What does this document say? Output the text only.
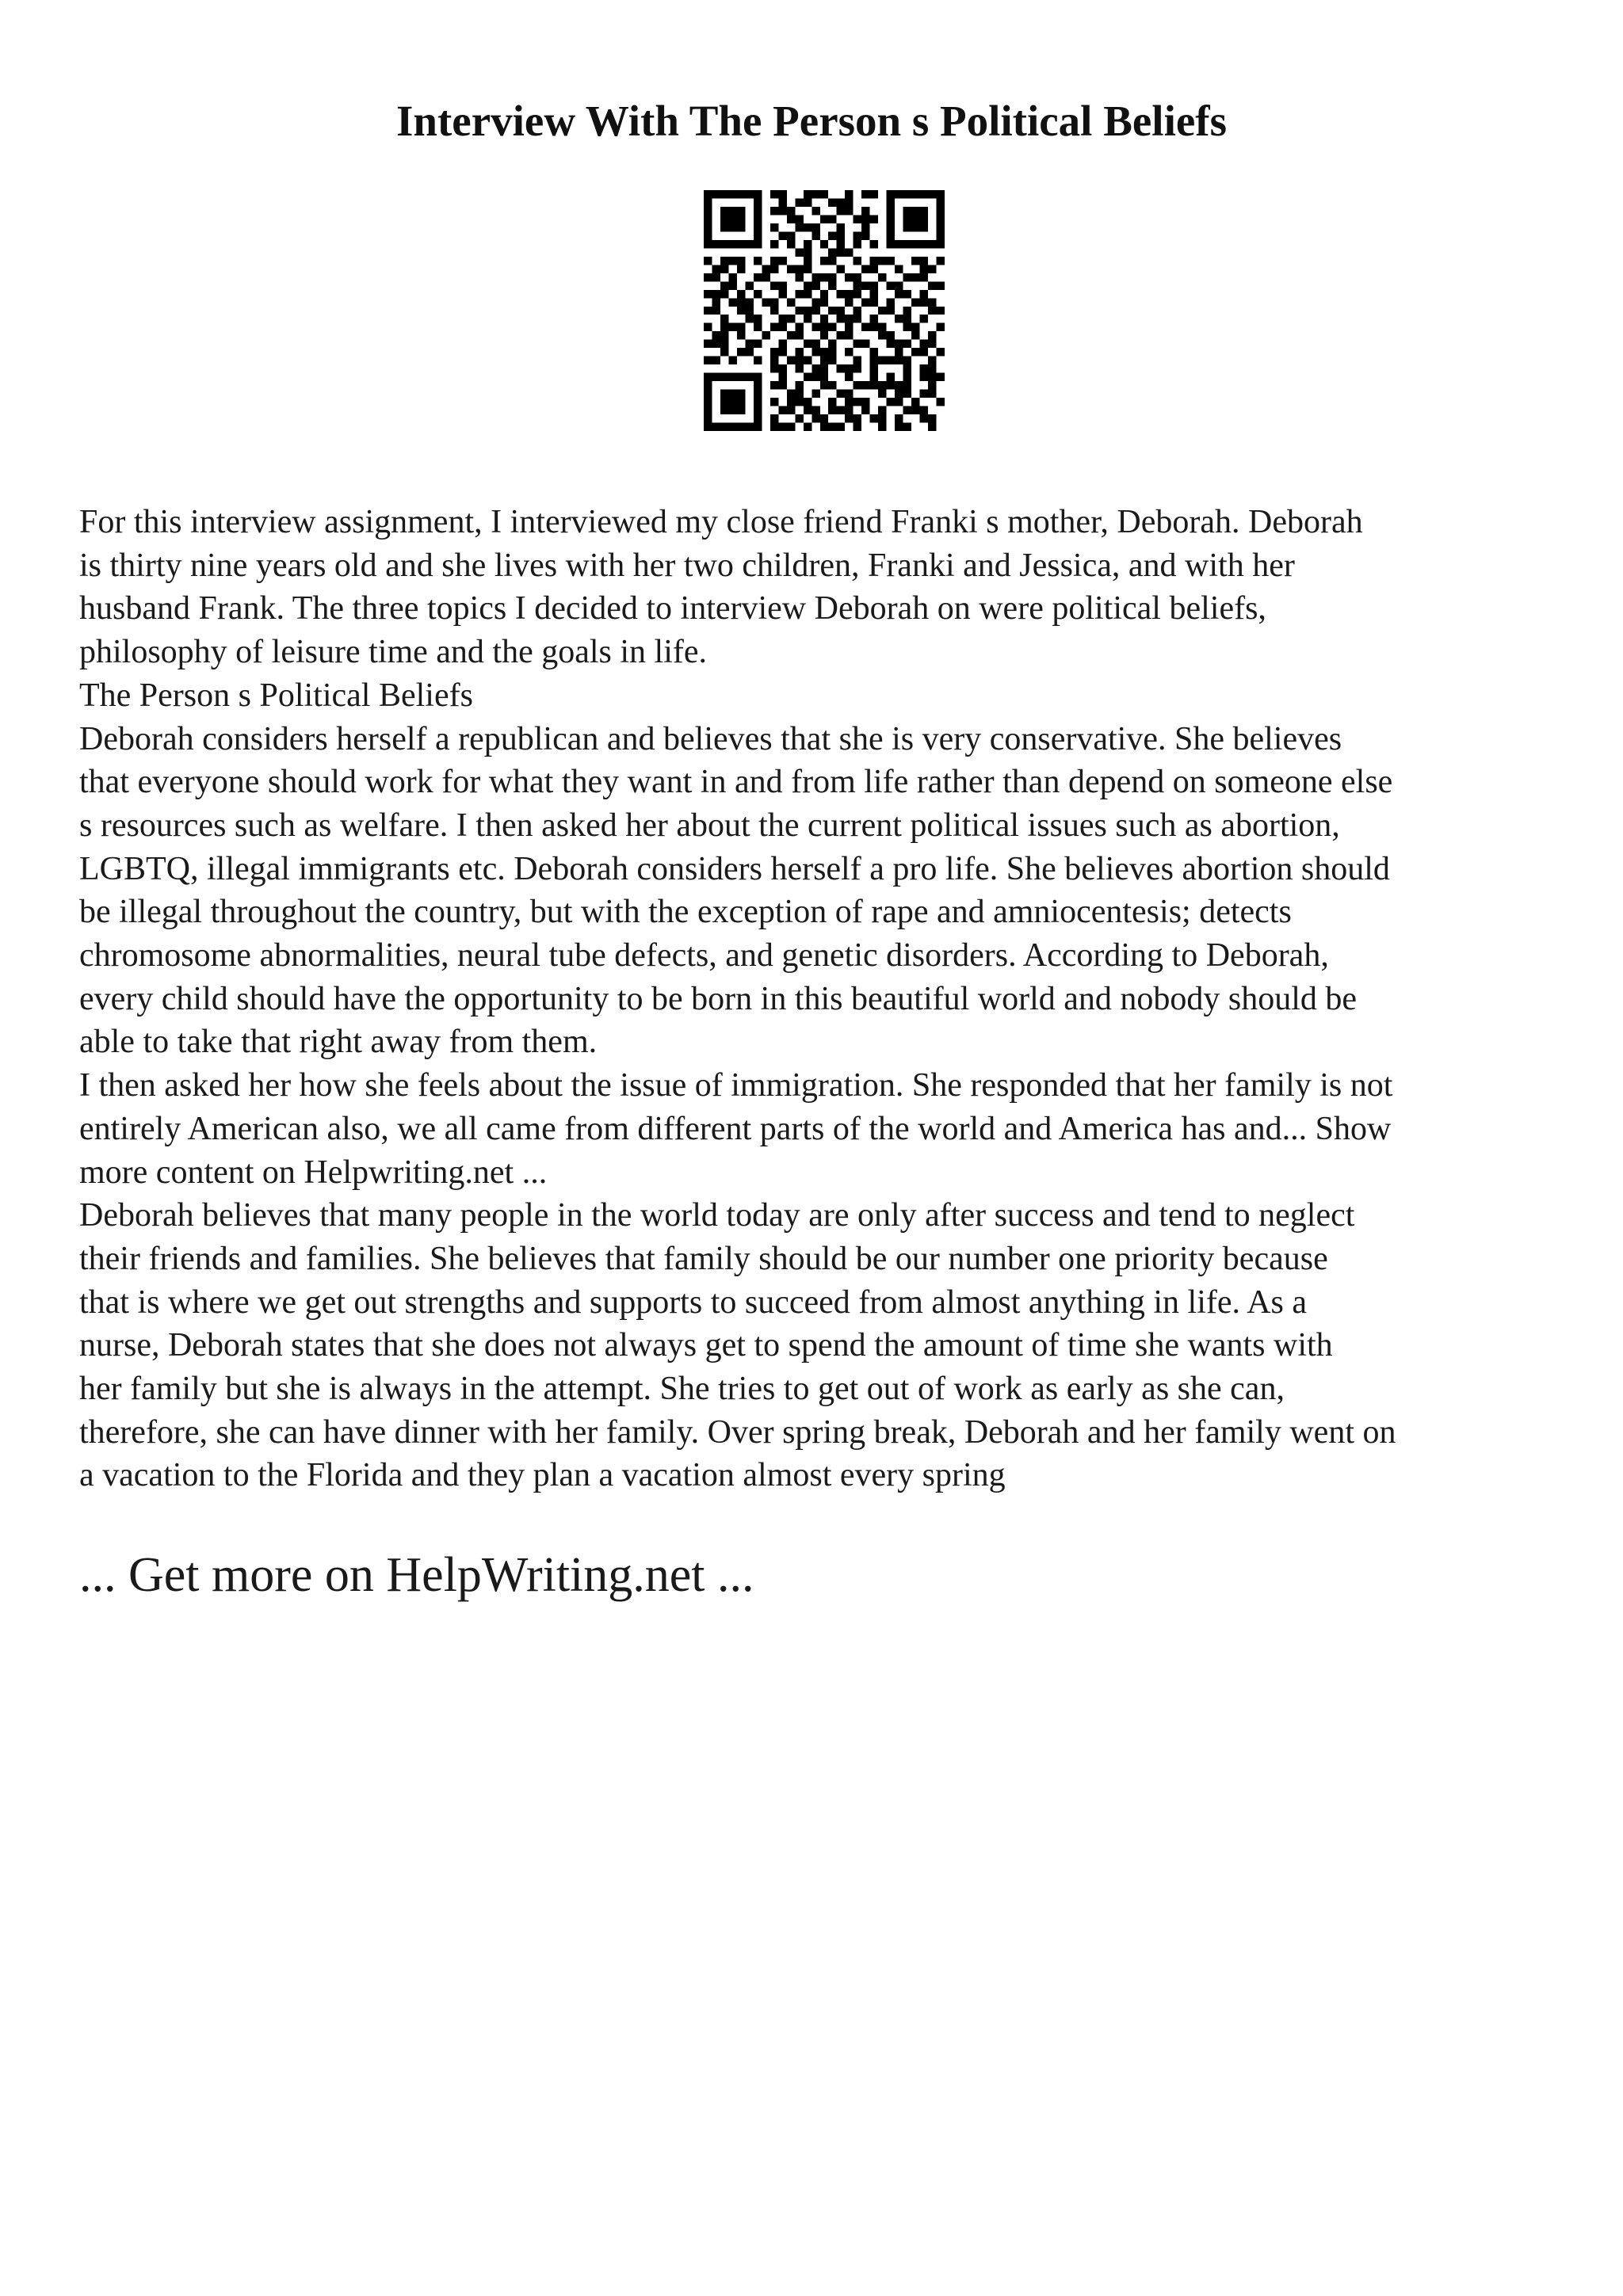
Interview With The Person s Political Beliefs
For this interview assignment, I interviewed my close friend Franki s mother, Deborah. Deborah
is thirty nine years old and she lives with her two children, Franki and Jessica, and with her
husband Frank. The three topics I decided to interview Deborah on were political beliefs,
philosophy of leisure time and the goals in life.
The Person s Political Beliefs
Deborah considers herself a republican and believes that she is very conservative. She believes
that everyone should work for what they want in and from life rather than depend on someone else
s resources such as welfare. I then asked her about the current political issues such as abortion,
LGBTQ, illegal immigrants etc. Deborah considers herself a pro life. She believes abortion should
be illegal throughout the country, but with the exception of rape and amniocentesis; detects
chromosome abnormalities, neural tube defects, and genetic disorders. According to Deborah,
every child should have the opportunity to be born in this beautiful world and nobody should be
able to take that right away from them.
I then asked her how she feels about the issue of immigration. She responded that her family is not
entirely American also, we all came from different parts of the world and America has and... Show
more content on Helpwriting.net ...
Deborah believes that many people in the world today are only after success and tend to neglect
their friends and families. She believes that family should be our number one priority because
that is where we get out strengths and supports to succeed from almost anything in life. As a
nurse, Deborah states that she does not always get to spend the amount of time she wants with
her family but she is always in the attempt. She tries to get out of work as early as she can,
therefore, she can have dinner with her family. Over spring break, Deborah and her family went on
a vacation to the Florida and they plan a vacation almost every spring
... Get more on HelpWriting.net ...
